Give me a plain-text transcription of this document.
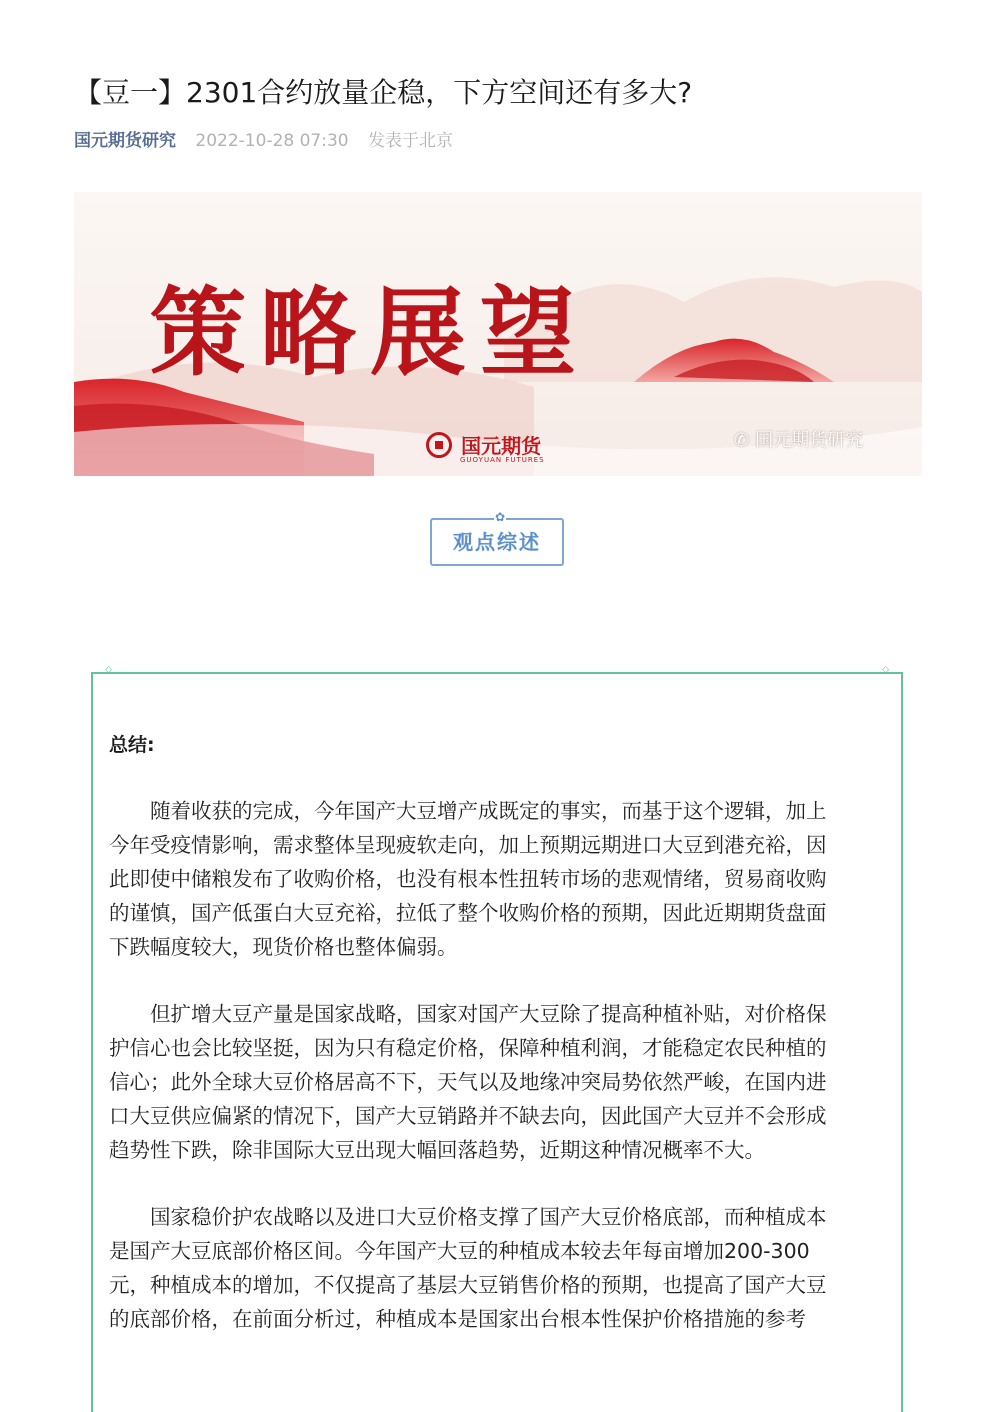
【豆一】2301合约放量企稳，下方空间还有多大?
国元期货研究 2022-10-28 07:30 发表于北京
策略展望
国元期货
GUOYUAN FUTURES
✆ 国元期货研究
✿
观点综述
◇	◇
总结:

随着收获的完成，今年国产大豆增产成既定的事实，而基于这个逻辑，加上
今年受疫情影响，需求整体呈现疲软走向，加上预期远期进口大豆到港充裕，因
此即使中储粮发布了收购价格，也没有根本性扭转市场的悲观情绪，贸易商收购
的谨慎，国产低蛋白大豆充裕，拉低了整个收购价格的预期，因此近期期货盘面
下跌幅度较大，现货价格也整体偏弱。

但扩增大豆产量是国家战略，国家对国产大豆除了提高种植补贴，对价格保
护信心也会比较坚挺，因为只有稳定价格，保障种植利润，才能稳定农民种植的
信心；此外全球大豆价格居高不下，天气以及地缘冲突局势依然严峻，在国内进
口大豆供应偏紧的情况下，国产大豆销路并不缺去向，因此国产大豆并不会形成
趋势性下跌，除非国际大豆出现大幅回落趋势，近期这种情况概率不大。

国家稳价护农战略以及进口大豆价格支撑了国产大豆价格底部，而种植成本
是国产大豆底部价格区间。今年国产大豆的种植成本较去年每亩增加200-300
元，种植成本的增加，不仅提高了基层大豆销售价格的预期，也提高了国产大豆
的底部价格，在前面分析过，种植成本是国家出台根本性保护价格措施的参考
